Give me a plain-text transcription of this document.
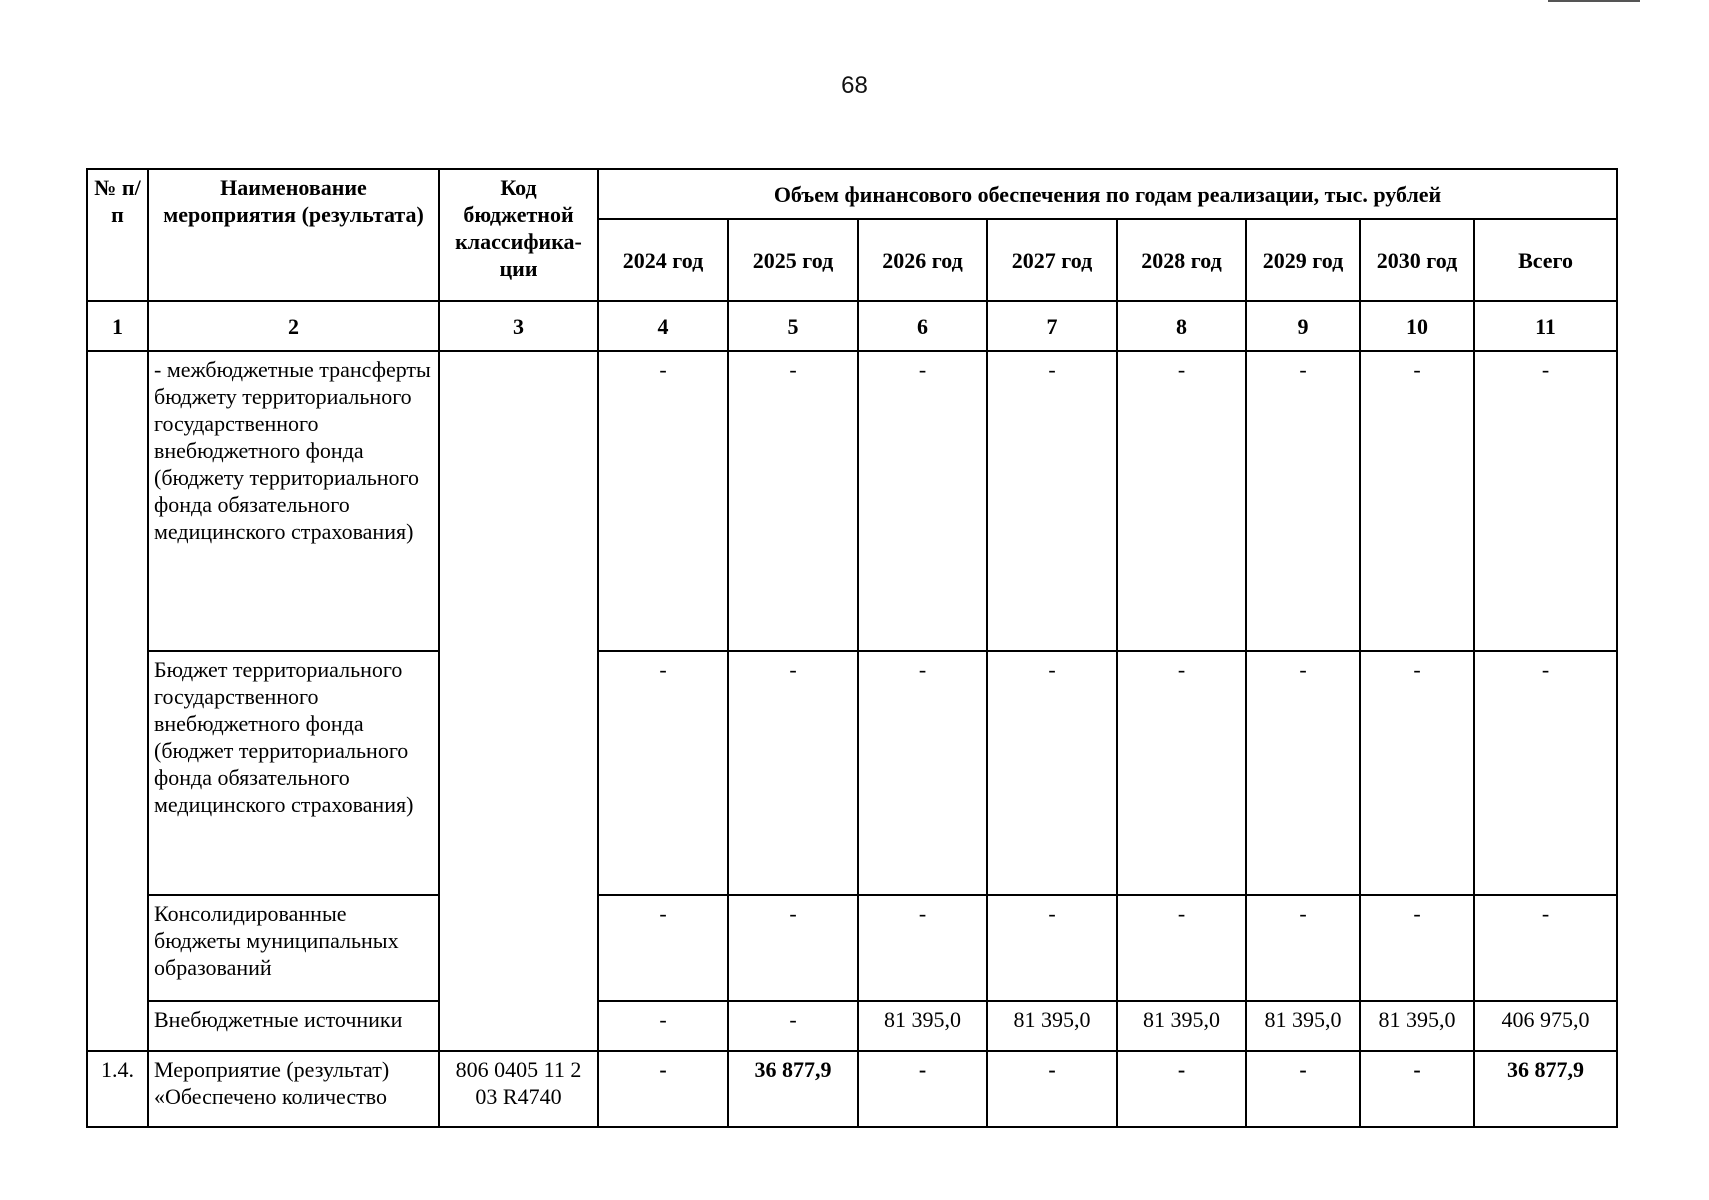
68
№ п/п	Наименование мероприятия (результата)	Код бюджетной классифика-ции	Объем финансового обеспечения по годам реализации, тыс. рублей							
			2024 год	2025 год	2026 год	2027 год	2028 год	2029 год	2030 год	Всего
1	2	3	4	5	6	7	8	9	10	11
	- межбюджетные трансферты бюджету территориального государственного внебюджетного фонда (бюджету территориального фонда обязательного медицинского страхования)		-	-	-	-	-	-	-	-
	Бюджет территориального государственного внебюджетного фонда (бюджет территориального фонда обязательного медицинского страхования)		-	-	-	-	-	-	-	-
	Консолидированные бюджеты муниципальных образований		-	-	-	-	-	-	-	-
	Внебюджетные источники		-	-	81 395,0	81 395,0	81 395,0	81 395,0	81 395,0	406 975,0
1.4.	Мероприятие (результат) «Обеспечено количество	806 0405 11 2 03 R4740	-	36 877,9	-	-	-	-	-	36 877,9
